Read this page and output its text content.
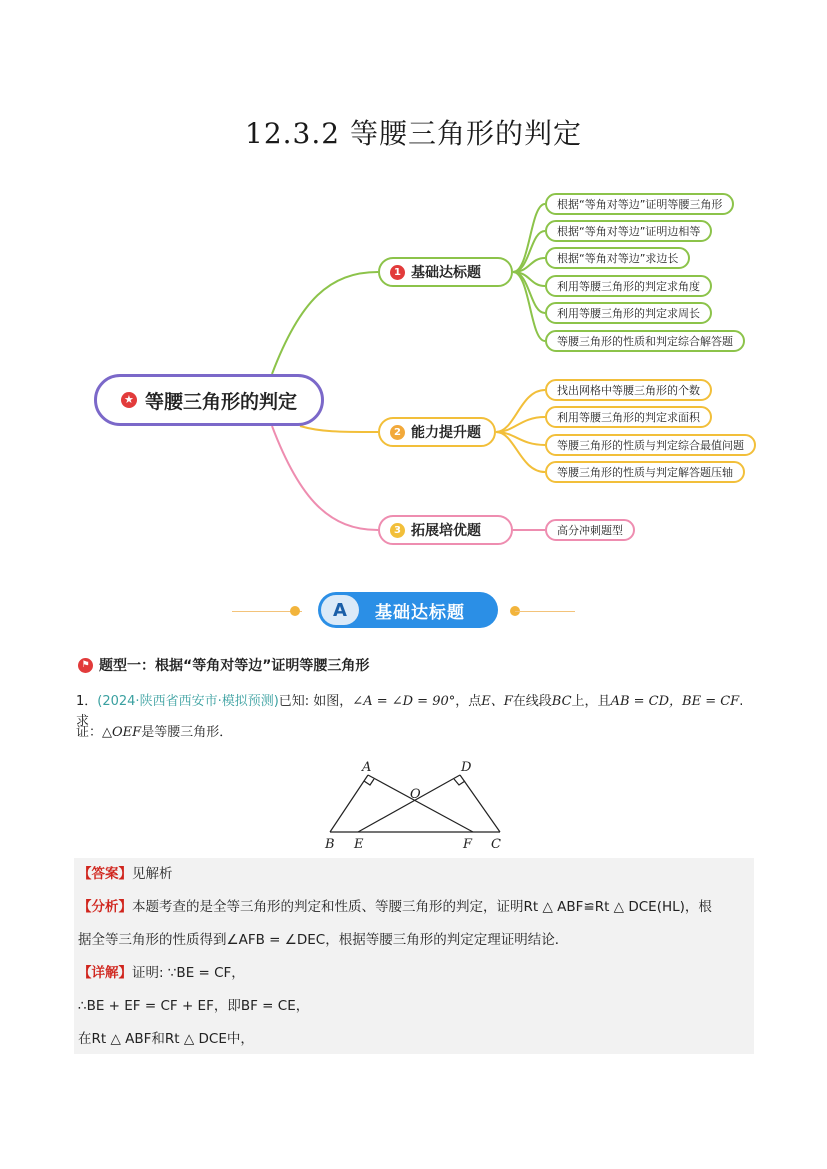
12.3.2 等腰三角形的判定
★ 等腰三角形的判定
1 基础达标题
根据“等角对等边”证明等腰三角形
根据“等角对等边”证明边相等
根据“等角对等边”求边长
利用等腰三角形的判定求角度
利用等腰三角形的判定求周长
等腰三角形的性质和判定综合解答题
2 能力提升题
找出网格中等腰三角形的个数
利用等腰三角形的判定求面积
等腰三角形的性质与判定综合最值问题
等腰三角形的性质与判定解答题压轴
3 拓展培优题	高分冲刺题型
A	基础达标题
⚑ 题型一：根据“等角对等边”证明等腰三角形
1．(2024·陕西省西安市·模拟预测)已知: 如图，∠A = ∠D = 90°，点E、F在线段BC上，且AB = CD，BE = CF.求
证：△OEF是等腰三角形．
A	D
O
B E	F C
【答案】见解析
【分析】本题考查的是全等三角形的判定和性质、等腰三角形的判定，证明Rt △ ABF≌Rt △ DCE(HL)，根
据全等三角形的性质得到∠AFB = ∠DEC，根据等腰三角形的判定定理证明结论．
【详解】证明: ∵BE = CF，
∴BE + EF = CF + EF，即BF = CE，
在Rt △ ABF和Rt △ DCE中，
